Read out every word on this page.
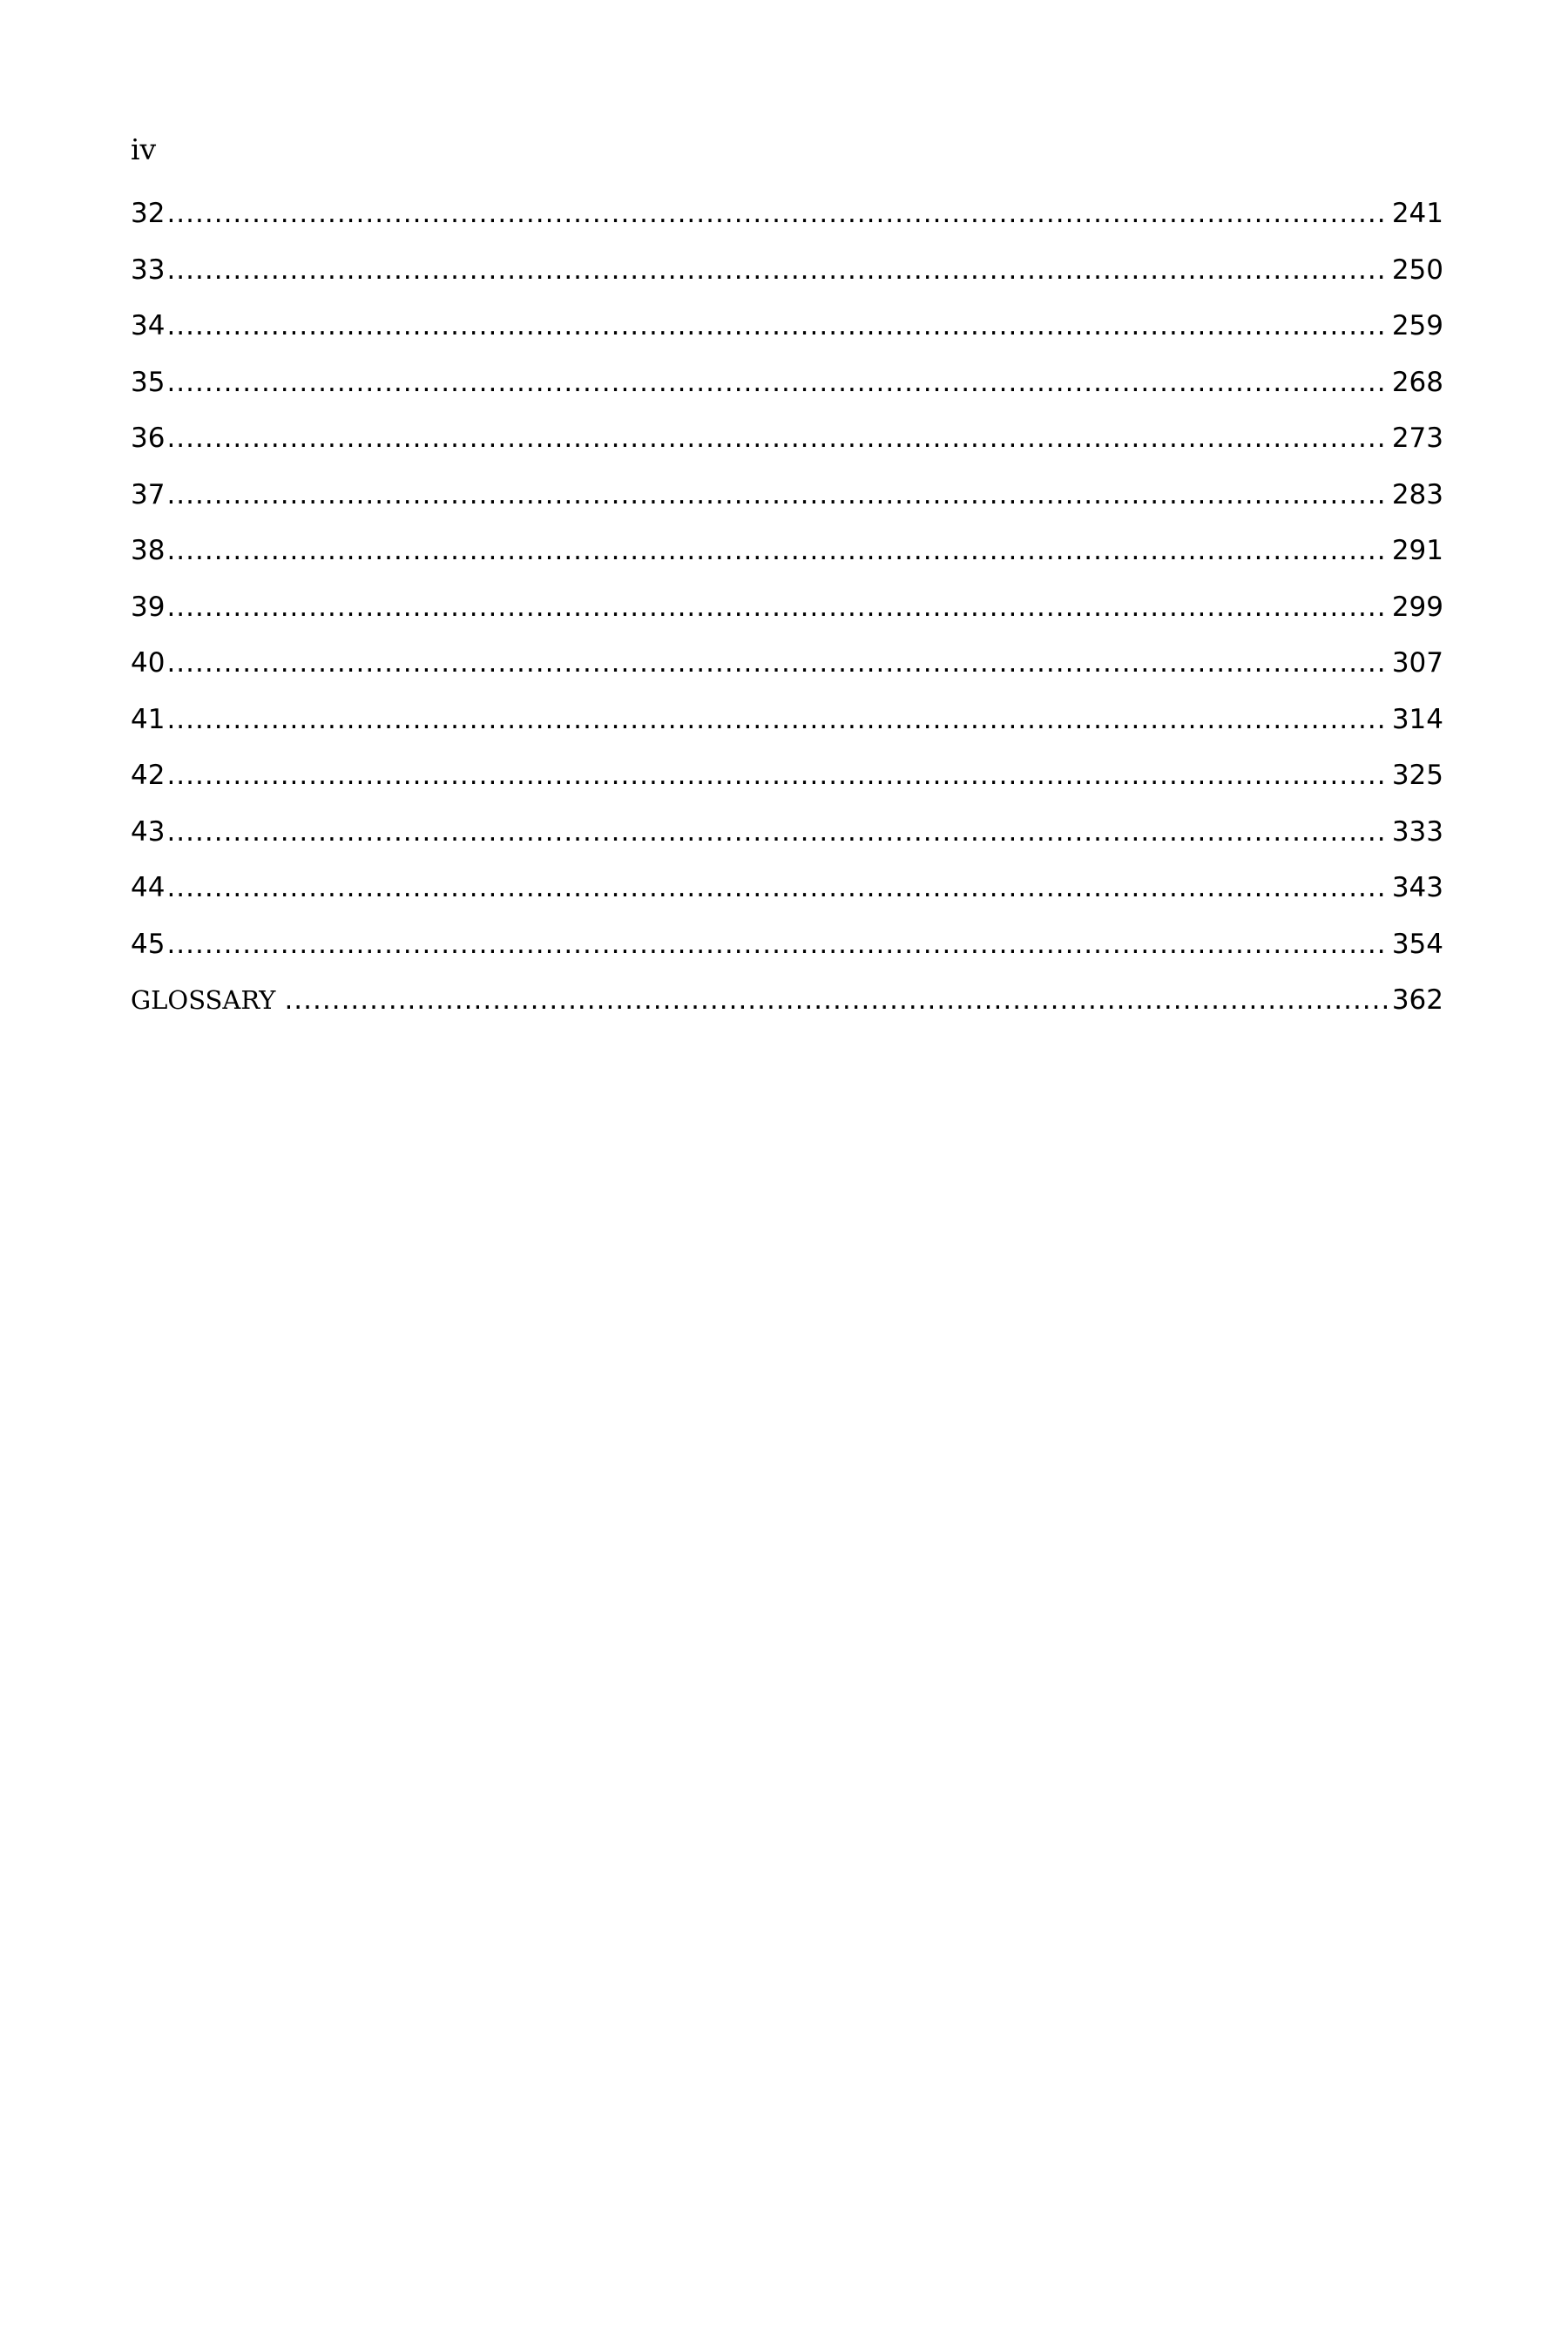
iv
32 .....	241
33 .....	250
34 .....	259
35 .....	268
36 .....	273
37 .....	283
38 .....	291
39 .....	299
40 .....	307
41 .....	314
42 .....	325
43 .....	333
44 .....	343
45 .....	354
GLOSSARY .....	362
